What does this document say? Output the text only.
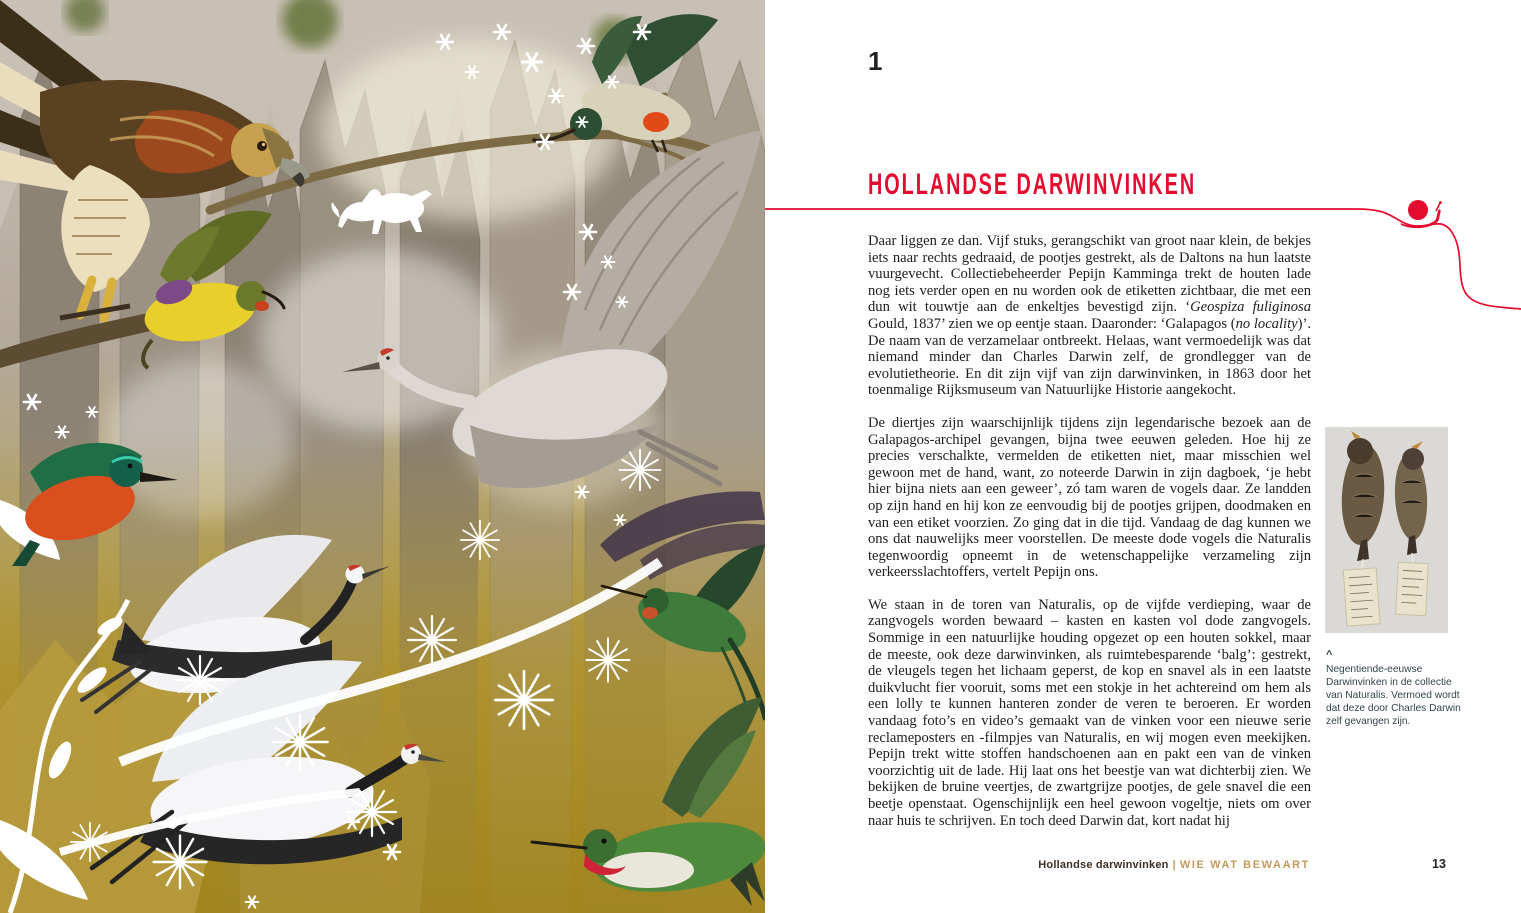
1
HOLLANDSE DARWINVINKEN

Daar liggen ze dan. Vijf stuks, gerangschikt van groot naar klein, de bekjes iets naar rechts gedraaid, de pootjes gestrekt, als de Daltons na hun laatste vuurgevecht. Collectiebeheerder Pepijn Kamminga trekt de houten lade nog iets verder open en nu worden ook de etiketten zichtbaar, die met een dun wit touwtje aan de enkeltjes bevestigd zijn. ‘Geospiza fuliginosa Gould, 1837’ zien we op eentje staan. Daaronder: ‘Galapagos (no locality)’. De naam van de verzamelaar ontbreekt. Helaas, want vermoedelijk was dat niemand minder dan Charles Darwin zelf, de grondlegger van de evolutietheorie. En dit zijn vijf van zijn darwinvinken, in 1863 door het toenmalige Rijksmuseum van Natuurlijke Historie aangekocht.

De diertjes zijn waarschijnlijk tijdens zijn legendarische bezoek aan de Galapagos-archipel gevangen, bijna twee eeuwen geleden. Hoe hij ze precies verschalkte, vermelden de etiketten niet, maar misschien wel gewoon met de hand, want, zo noteerde Darwin in zijn dagboek, ‘je hebt hier bijna niets aan een geweer’, zó tam waren de vogels daar. Ze landden op zijn hand en hij kon ze eenvoudig bij de pootjes grijpen, doodmaken en van een etiket voorzien. Zo ging dat in die tijd. Vandaag de dag kunnen we ons dat nauwelijks meer voorstellen. De meeste dode vogels die Naturalis tegenwoordig opneemt in de wetenschappelijke verzameling zijn verkeersslachtoffers, vertelt Pepijn ons.

We staan in de toren van Naturalis, op de vijfde verdieping, waar de zangvogels worden bewaard – kasten en kasten vol dode zangvogels. Sommige in een natuurlijke houding opgezet op een houten sokkel, maar de meeste, ook deze darwinvinken, als ruimtebesparende ‘balg’: gestrekt, de vleugels tegen het lichaam geperst, de kop en snavel als in een laatste duikvlucht fier vooruit, soms met een stokje in het achtereind om hem als een lolly te kunnen hanteren zonder de veren te beroeren. Er worden vandaag foto’s en video’s gemaakt van de vinken voor een nieuwe serie reclameposters en -filmpjes van Naturalis, en wij mogen even meekijken. Pepijn trekt witte stoffen handschoenen aan en pakt een van de vinken voorzichtig uit de lade. Hij laat ons het beestje van wat dichterbij zien. We bekijken de bruine veertjes, de zwartgrijze pootjes, de gele snavel die een beetje openstaat. Ogenschijnlijk een heel gewoon vogeltje, niets om over naar huis te schrijven. En toch deed Darwin dat, kort nadat hij

^
Negentiende-eeuwse Darwinvinken in de collectie van Naturalis. Vermoed wordt dat deze door Charles Darwin zelf gevangen zijn.
Hollandse darwinvinken | WIE WAT BEWAART	13
